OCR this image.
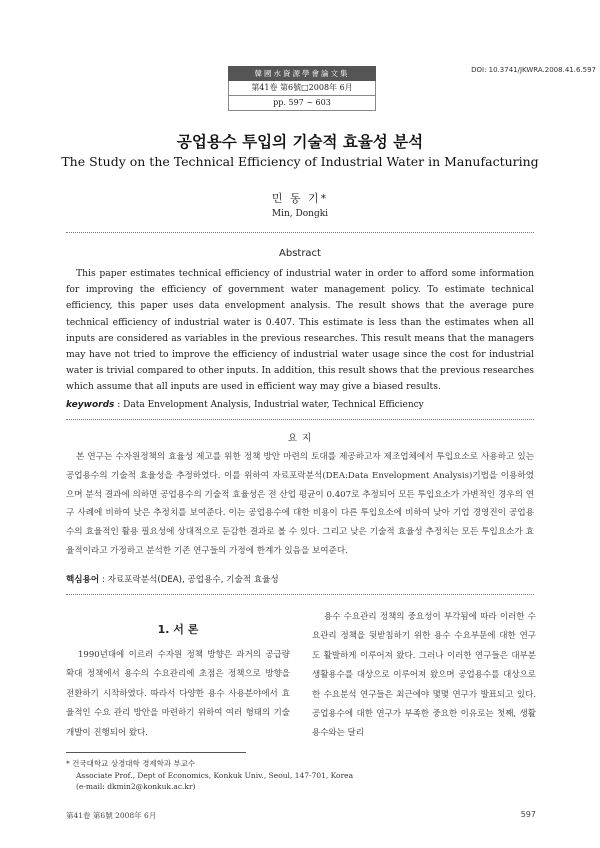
韓國水資源學會論文集
第41卷 第6號□2008年 6月
pp. 597 ~ 603
DOI: 10.3741/JKWRA.2008.41.6.597
공업용수 투입의 기술적 효율성 분석
The Study on the Technical Efficiency of Industrial Water in Manufacturing
민 동 기*
Min, Dongki
Abstract

This paper estimates technical efficiency of industrial water in order to afford some information for improving the efficiency of government water management policy. To estimate technical efficiency, this paper uses data envelopment analysis. The result shows that the average pure technical efficiency of industrial water is 0.407. This estimate is less than the estimates when all inputs are considered as variables in the previous researches. This result means that the managers may have not tried to improve the efficiency of industrial water usage since the cost for industrial water is trivial compared to other inputs. In addition, this result shows that the previous researches which assume that all inputs are used in efficient way may give a biased results.

keywords : Data Envelopment Analysis, Industrial water, Technical Efficiency
요 지
본 연구는 수자원정책의 효율성 제고를 위한 정책 방안 마련의 토대를 제공하고자 제조업체에서 투입요소로 사용하고 있는 공업용수의 기술적 효율성을 추정하였다. 이를 위하여 자료포락분석(DEA:Data Envelopment Analysis)기법을 이용하였으며 분석 결과에 의하면 공업용수의 기술적 효율성은 전 산업 평균이 0.407로 추정되어 모든 투입요소가 가변적인 경우의 연구 사례에 비하여 낮은 추정치를 보여준다. 이는 공업용수에 대한 비용이 다른 투입요소에 비하여 낮아 기업 경영진이 공업용수의 효율적인 활용 필요성에 상대적으로 둔감한 결과로 볼 수 있다. 그리고 낮은 기술적 효율성 추정치는 모든 투입요소가 효율적이라고 가정하고 분석한 기존 연구들의 가정에 한계가 있음을 보여준다.
핵심용어 : 자료포락분석(DEA), 공업용수, 기술적 효율성
1. 서 론
1990년대에 이르러 수자원 정책 방향은 과거의 공급량 확대 정책에서 용수의 수요관리에 초점은 정책으로 방향을 전환하기 시작하였다. 따라서 다양한 용수 사용분야에서 효율적인 수요 관리 방안을 마련하기 위하여 여러 형태의 기술개발이 진행되어 왔다.
용수 수요관리 정책의 중요성이 부각됨에 따라 이러한 수요관리 정책을 뒷받침하기 위한 용수 수요부문에 대한 연구도 활발하게 이루어져 왔다. 그러나 이러한 연구들은 대부분 생활용수를 대상으로 이루어져 왔으며 공업용수를 대상으로 한 수요분석 연구들은 최근에야 몇몇 연구가 발표되고 있다. 공업용수에 대한 연구가 부족한 중요한 이유로는 첫째, 생활용수와는 달리
* 건국대학교 상경대학 경제학과 부교수
Associate Prof., Dept of Economics, Konkuk Univ., Seoul, 147-701, Korea
(e-mail: dkmin2@konkuk.ac.kr)
第41卷 第6號 2008年 6月	597
